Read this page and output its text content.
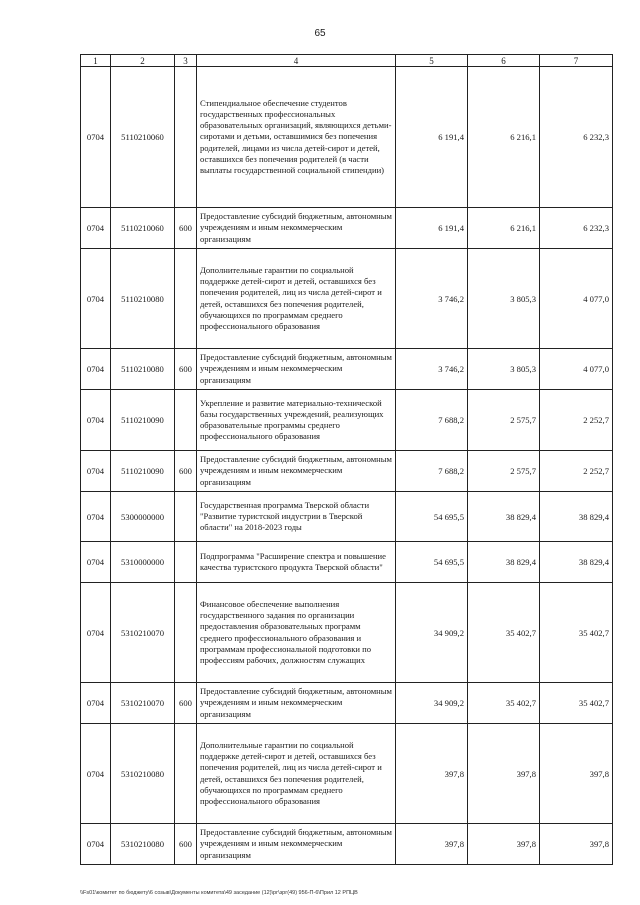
65
1	2	3	4	5	6	7
0704	5110210060		Стипендиальное обеспечение студентов государственных профессиональных образовательных организаций, являющихся детьми-сиротами и детьми, оставшимися без попечения родителей, лицами из числа детей-сирот и детей, оставшихся без попечения родителей (в части выплаты государственной социальной стипендии)	6 191,4	6 216,1	6 232,3
0704	5110210060	600	Предоставление субсидий бюджетным, автономным учреждениям и иным некоммерческим организациям	6 191,4	6 216,1	6 232,3
0704	5110210080		Дополнительные гарантии по социальной поддержке детей-сирот и детей, оставшихся без попечения родителей, лиц из числа детей-сирот и детей, оставшихся без попечения родителей, обучающихся по программам среднего профессионального образования	3 746,2	3 805,3	4 077,0
0704	5110210080	600	Предоставление субсидий бюджетным, автономным учреждениям и иным некоммерческим организациям	3 746,2	3 805,3	4 077,0
0704	5110210090		Укрепление и развитие материально-технической базы государственных учреждений, реализующих образовательные программы среднего профессионального образования	7 688,2	2 575,7	2 252,7
0704	5110210090	600	Предоставление субсидий бюджетным, автономным учреждениям и иным некоммерческим организациям	7 688,2	2 575,7	2 252,7
0704	5300000000		Государственная программа Тверской области "Развитие туристской индустрии в Тверской области" на 2018-2023 годы	54 695,5	38 829,4	38 829,4
0704	5310000000		Подпрограмма "Расширение спектра и повышение качества туристского продукта Тверской области"	54 695,5	38 829,4	38 829,4
0704	5310210070		Финансовое обеспечение выполнения государственного задания по организации предоставления образовательных программ среднего профессионального образования и программам профессиональной подготовки по профессиям рабочих, должностям служащих	34 909,2	35 402,7	35 402,7
0704	5310210070	600	Предоставление субсидий бюджетным, автономным учреждениям и иным некоммерческим организациям	34 909,2	35 402,7	35 402,7
0704	5310210080		Дополнительные гарантии по социальной поддержке детей-сирот и детей, оставшихся без попечения родителей, лиц из числа детей-сирот и детей, оставшихся без попечения родителей, обучающихся по программам среднего профессионального образования	397,8	397,8	397,8
0704	5310210080	600	Предоставление субсидий бюджетным, автономным учреждениям и иным некоммерческим организациям	397,8	397,8	397,8
\\Fs01\комитет по бюджету\6 созыв\Документы комитета\49 заседание (12)\рг\зрг(49) 956-П-6\Прил 12 РПЦВ
